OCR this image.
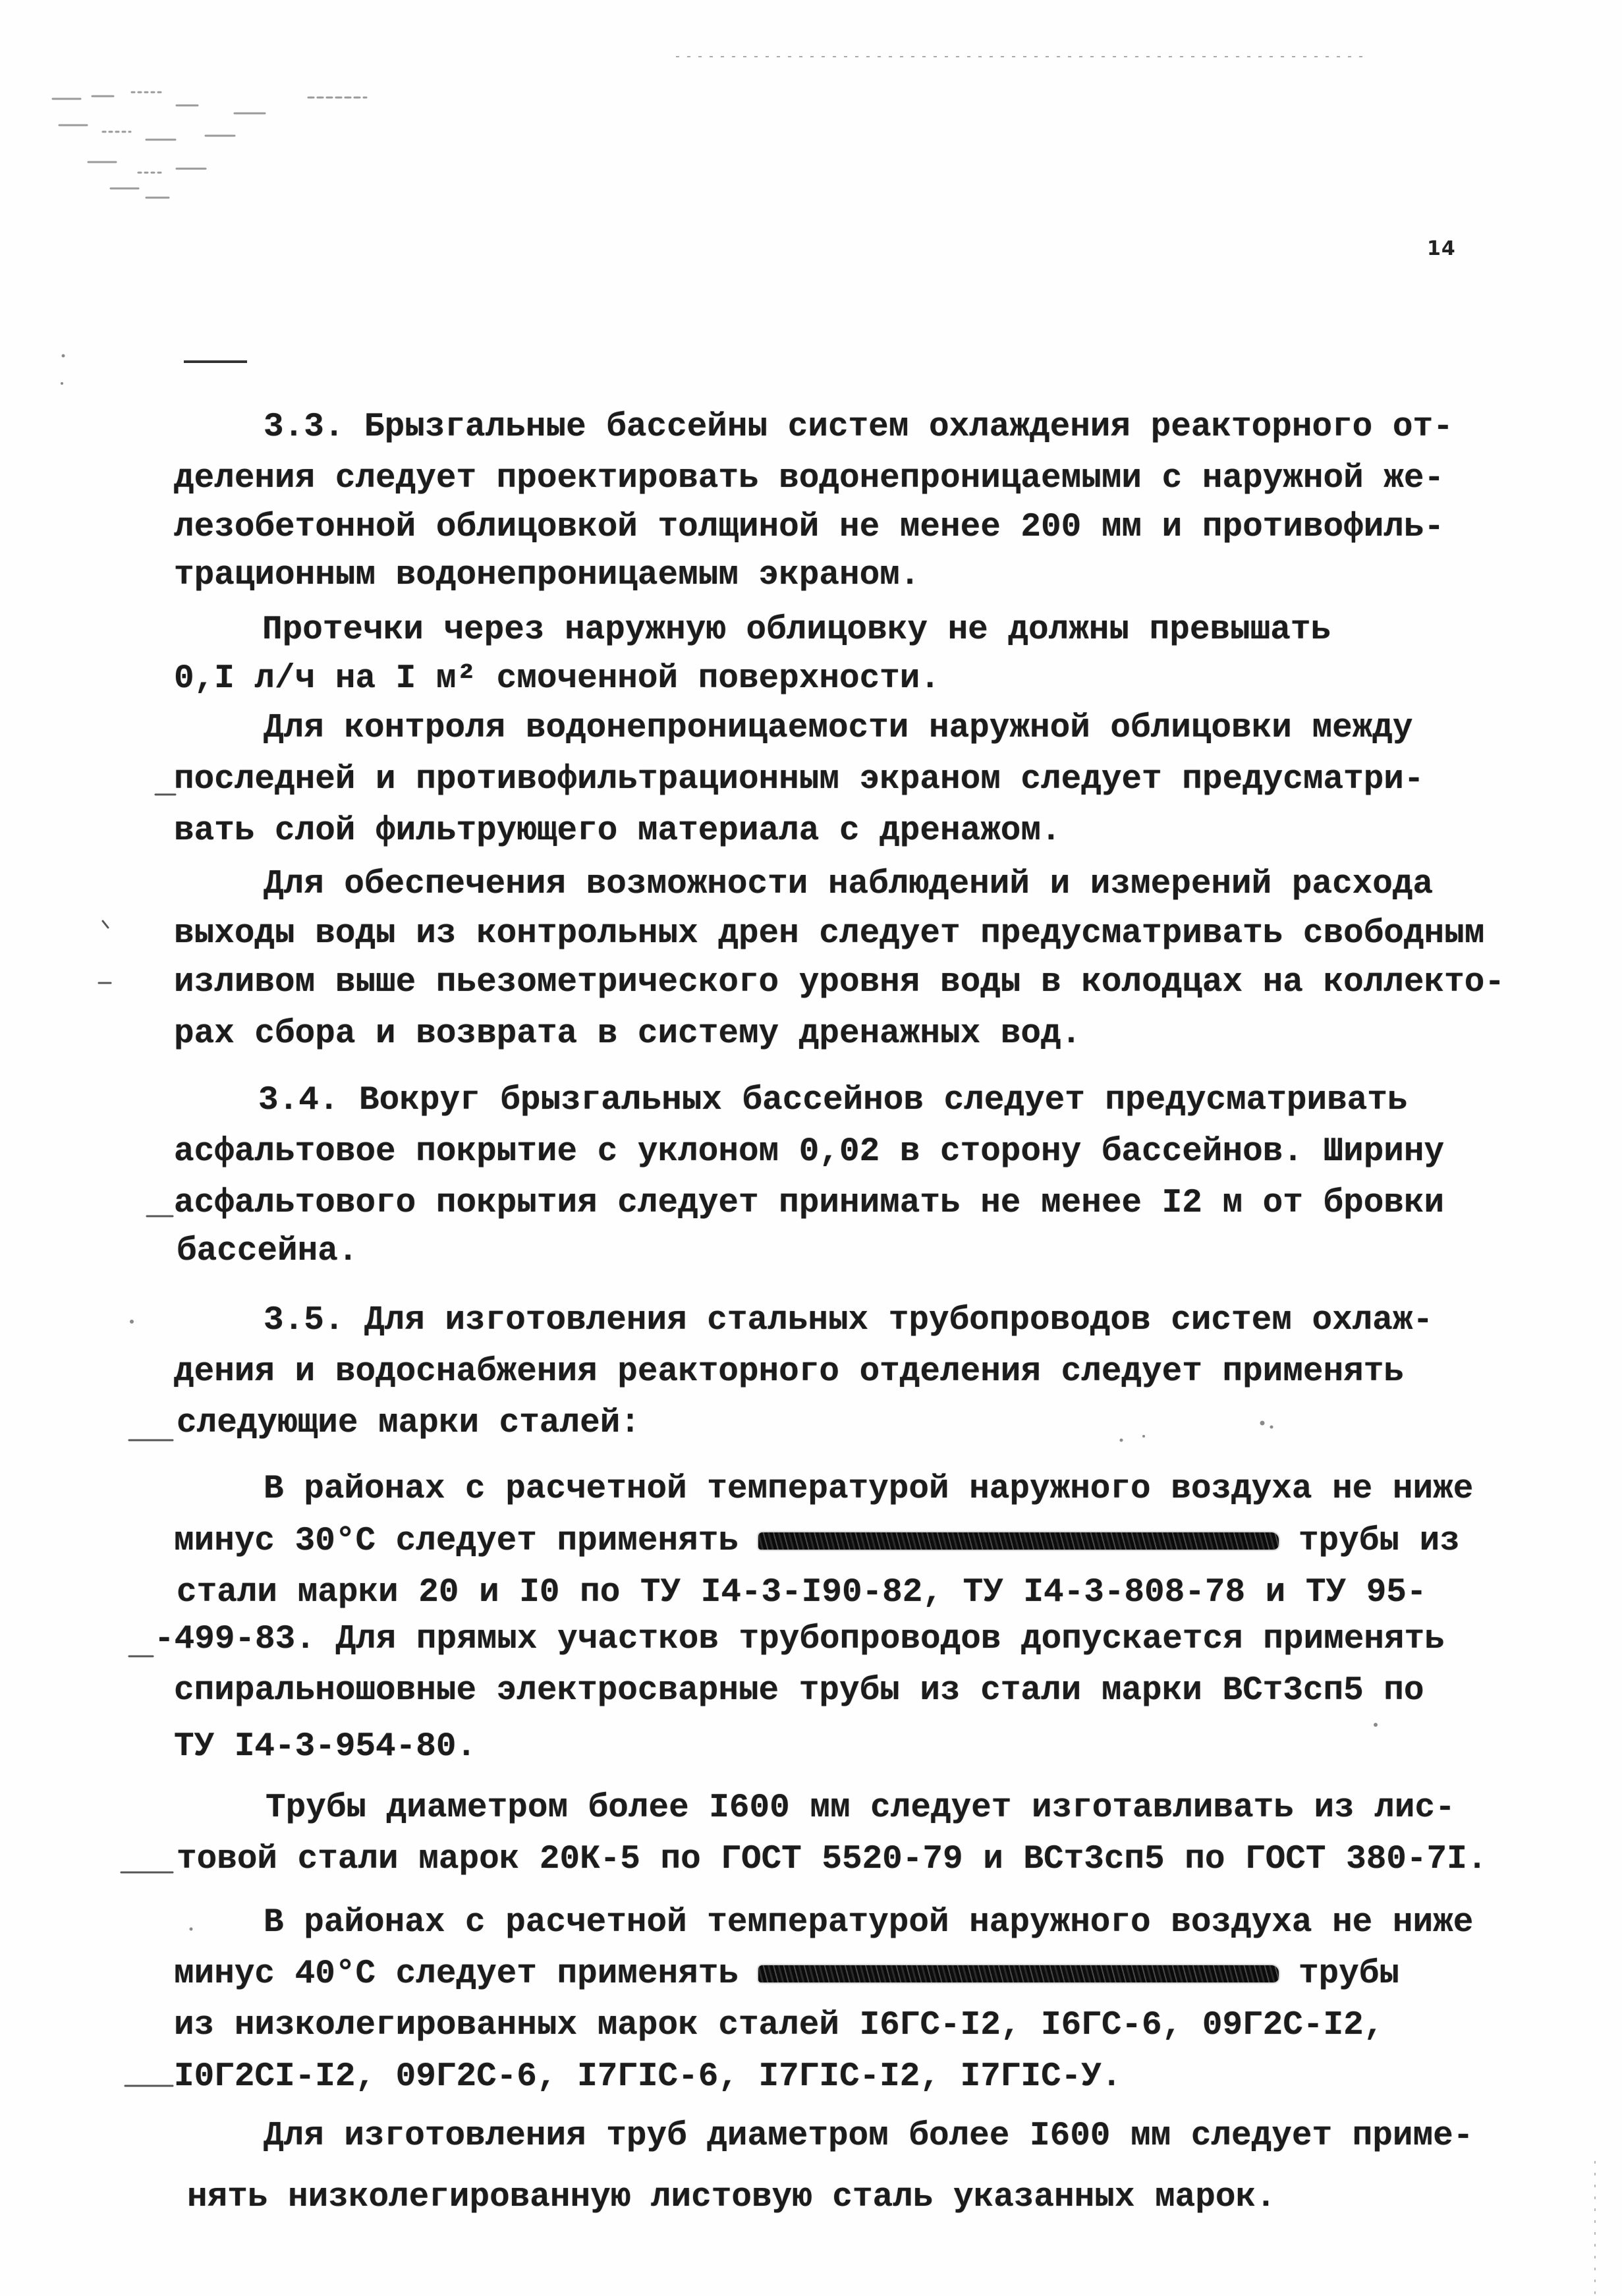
14
3.3. Брызгальные бассейны систем охлаждения реакторного от-
деления следует проектировать водонепроницаемыми с наружной же-
лезобетонной облицовкой толщиной не менее 200 мм и противофиль-
трационным водонепроницаемым экраном.
Протечки через наружную облицовку не должны превышать
0,I л/ч на I м² смоченной поверхности.
Для контроля водонепроницаемости наружной облицовки между
последней и противофильтрационным экраном следует предусматри-
вать слой фильтрующего материала с дренажом.
Для обеспечения возможности наблюдений и измерений расхода
выходы воды из контрольных дрен следует предусматривать свободным
изливом выше пьезометрического уровня воды в колодцах на коллекто-
рах сбора и возврата в систему дренажных вод.
3.4. Вокруг брызгальных бассейнов следует предусматривать
асфальтовое покрытие с уклоном 0,02 в сторону бассейнов. Ширину
асфальтового покрытия следует принимать не менее I2 м от бровки
бассейна.
3.5. Для изготовления стальных трубопроводов систем охлаж-
дения и водоснабжения реакторного отделения следует применять
следующие марки сталей:
В районах с расчетной температурой наружного воздуха не ниже
минус 30°С следует применять	трубы из
стали марки 20 и I0 по ТУ I4-3-I90-82, ТУ I4-3-808-78 и ТУ 95-
-499-83. Для прямых участков трубопроводов допускается применять
спиральношовные электросварные трубы из стали марки ВСт3сп5 по
ТУ I4-3-954-80.
Трубы диаметром более I600 мм следует изготавливать из лис-
товой стали марок 20К-5 по ГОСТ 5520-79 и ВСт3сп5 по ГОСТ 380-7I.
В районах с расчетной температурой наружного воздуха не ниже
минус 40°С следует применять	трубы
из низколегированных марок сталей I6ГС-I2, I6ГС-6, 09Г2С-I2,
I0Г2СI-I2, 09Г2С-6, I7ГIС-6, I7ГIС-I2, I7ГIС-У.
Для изготовления труб диаметром более I600 мм следует приме-
нять низколегированную листовую сталь указанных марок.
